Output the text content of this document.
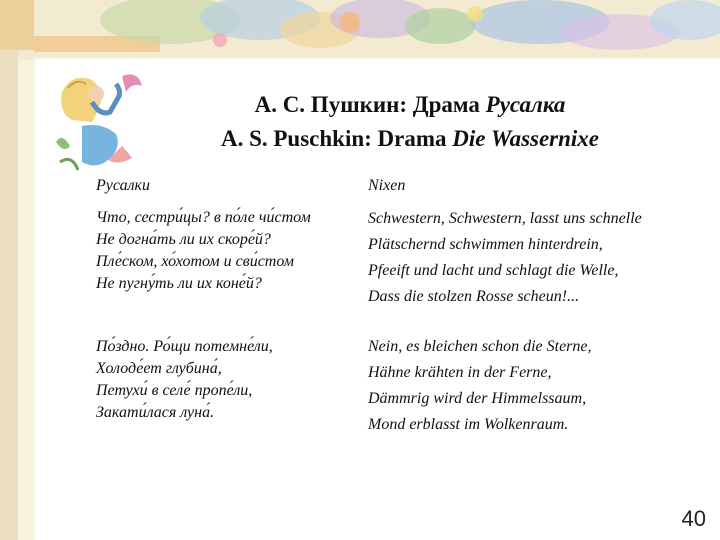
А. С. Пушкин: Драма Русалка
A. S. Puschkin: Drama Die Wassernixe
Русалки	Nixen
Что, сестри́цы? в по́ле чи́стом
Не догна́ть ли их скоре́й?
Пле́ском, хо́хотом и сви́стом
Не пугну́ть ли их коне́й?
Schwestern, Schwestern, lasst uns schnelle
Plätschernd schwimmen hinterdrein,
Pfeeift und lacht und schlagt die Welle,
Dass die stolzen Rosse scheun!...
По́здно. Ро́щи потемне́ли,
Холоде́ет глубина́,
Петухи́ в селе́ пропе́ли,
Закати́лася луна́.
Nein, es bleichen schon die Sterne,
Hähne krähten in der Ferne,
Dämmrig wird der Himmelssaum,
Mond erblasst im Wolkenraum.
40
